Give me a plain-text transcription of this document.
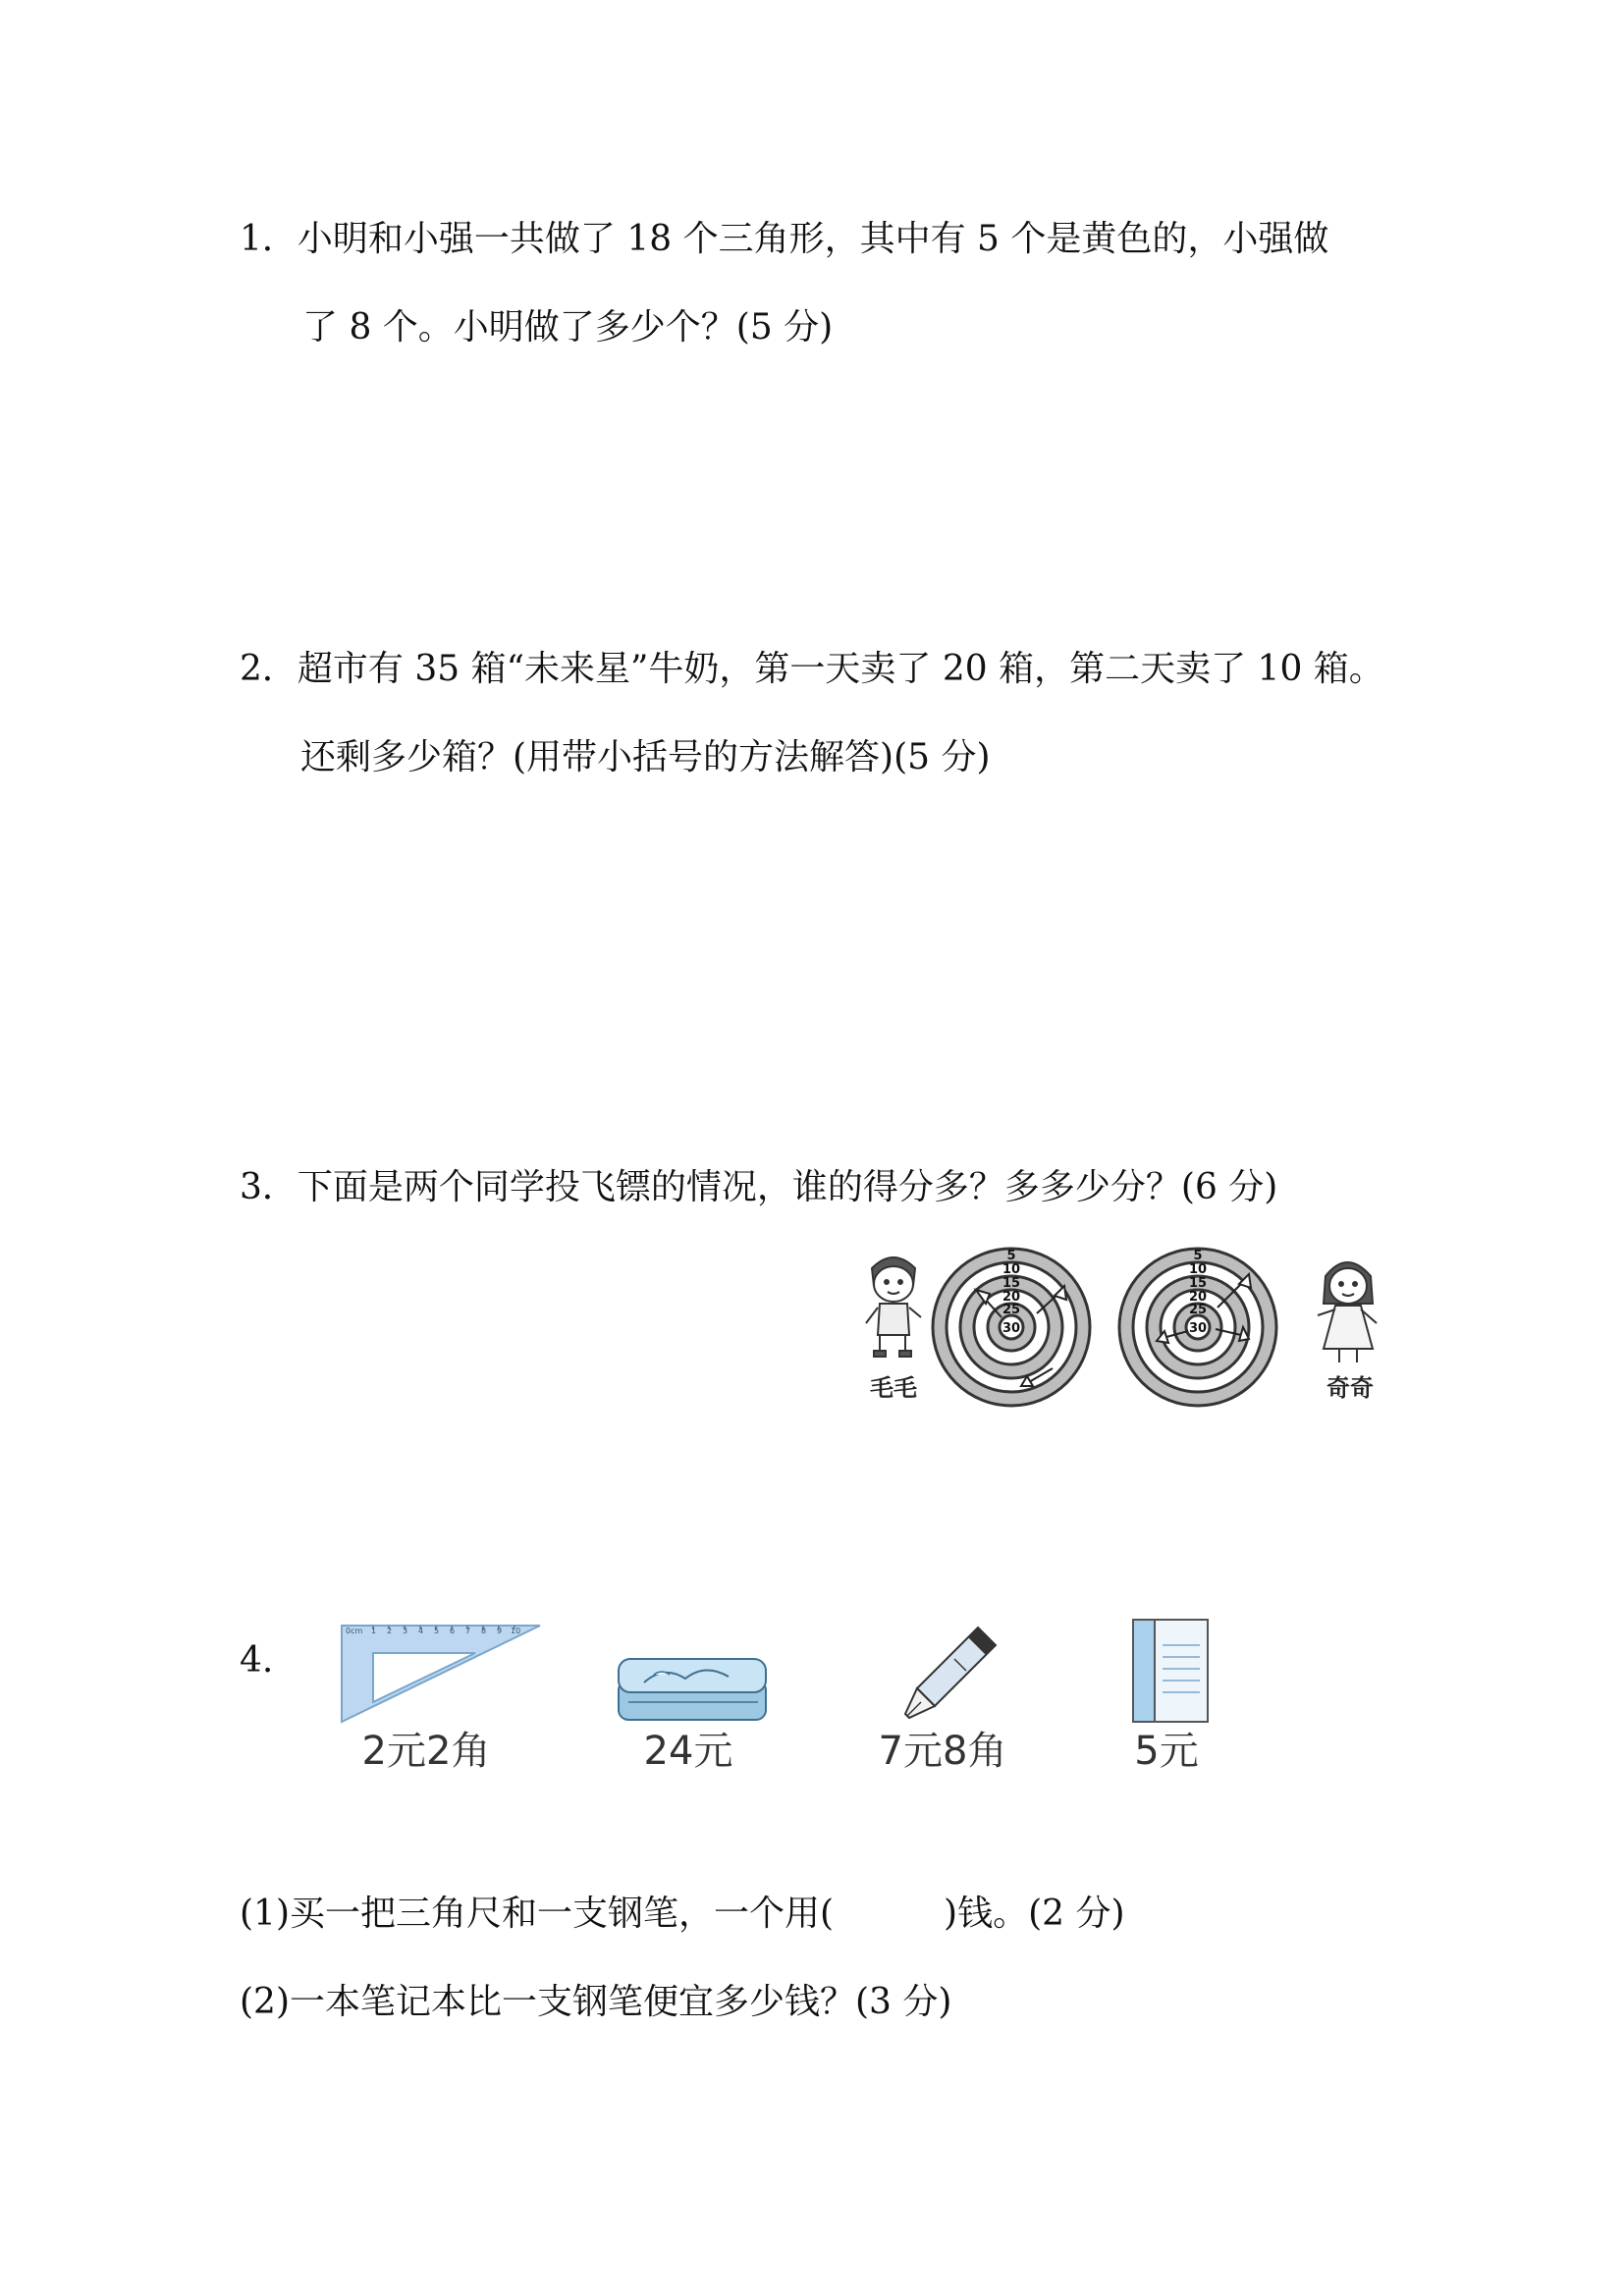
1．小明和小强一共做了 18 个三角形，其中有 5 个是黄色的，小强做
了 8 个。小明做了多少个？(5 分)
2．超市有 35 箱“未来星”牛奶，第一天卖了 20 箱，第二天卖了 10 箱。
还剩多少箱？(用带小括号的方法解答)(5 分)
3．下面是两个同学投飞镖的情况，谁的得分多？多多少分？(6 分)
5
10
15
20
25
30
5
10
15
20
25
30
毛毛	奇奇
4.
0cm 1 2 3 4 5 6 7 8 9 10
2元2角	24元	7元8角	5元
(1)买一把三角尺和一支钢笔，一个用(	)钱。(2 分)
(2)一本笔记本比一支钢笔便宜多少钱？(3 分)
